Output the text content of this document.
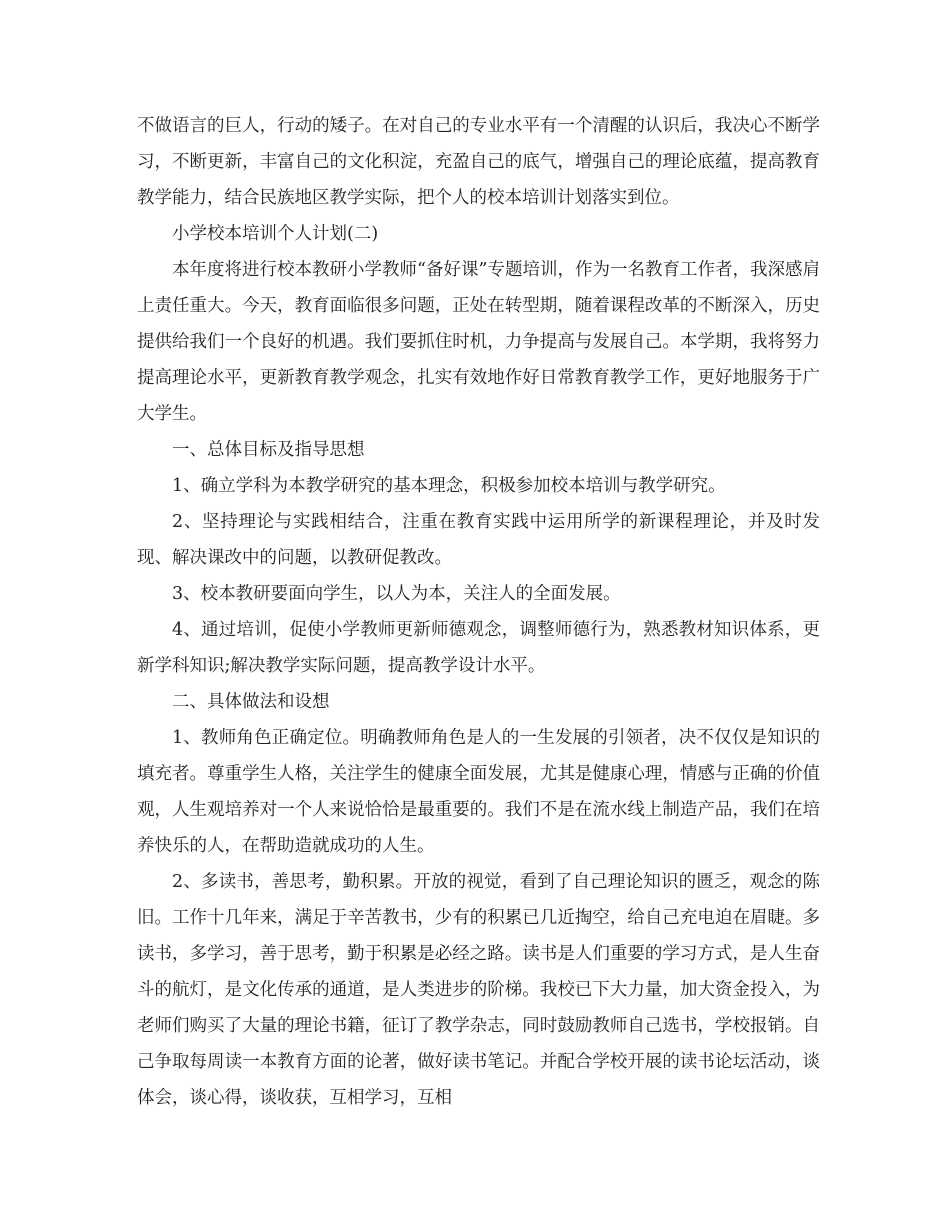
不做语言的巨人，行动的矮子。在对自己的专业水平有一个清醒的认识后，我决心不断学习，不断更新，丰富自己的文化积淀，充盈自己的底气，增强自己的理论底蕴，提高教育教学能力，结合民族地区教学实际，把个人的校本培训计划落实到位。

小学校本培训个人计划(二)

本年度将进行校本教研小学教师“备好课”专题培训，作为一名教育工作者，我深感肩上责任重大。今天，教育面临很多问题，正处在转型期，随着课程改革的不断深入，历史提供给我们一个良好的机遇。我们要抓住时机，力争提高与发展自己。本学期，我将努力提高理论水平，更新教育教学观念，扎实有效地作好日常教育教学工作，更好地服务于广大学生。

一、总体目标及指导思想

1、确立学科为本教学研究的基本理念，积极参加校本培训与教学研究。

2、坚持理论与实践相结合，注重在教育实践中运用所学的新课程理论，并及时发现、解决课改中的问题，以教研促教改。

3、校本教研要面向学生，以人为本，关注人的全面发展。

4、通过培训，促使小学教师更新师德观念，调整师德行为，熟悉教材知识体系，更新学科知识;解决教学实际问题，提高教学设计水平。

二、具体做法和设想

1、教师角色正确定位。明确教师角色是人的一生发展的引领者，决不仅仅是知识的填充者。尊重学生人格，关注学生的健康全面发展，尤其是健康心理，情感与正确的价值观，人生观培养对一个人来说恰恰是最重要的。我们不是在流水线上制造产品，我们在培养快乐的人，在帮助造就成功的人生。

2、多读书，善思考，勤积累。开放的视觉，看到了自己理论知识的匮乏，观念的陈旧。工作十几年来，满足于辛苦教书，少有的积累已几近掏空，给自己充电迫在眉睫。多读书，多学习，善于思考，勤于积累是必经之路。读书是人们重要的学习方式，是人生奋斗的航灯，是文化传承的通道，是人类进步的阶梯。我校已下大力量，加大资金投入，为老师们购买了大量的理论书籍，征订了教学杂志，同时鼓励教师自己选书，学校报销。自己争取每周读一本教育方面的论著，做好读书笔记。并配合学校开展的读书论坛活动，谈体会，谈心得，谈收获，互相学习，互相
